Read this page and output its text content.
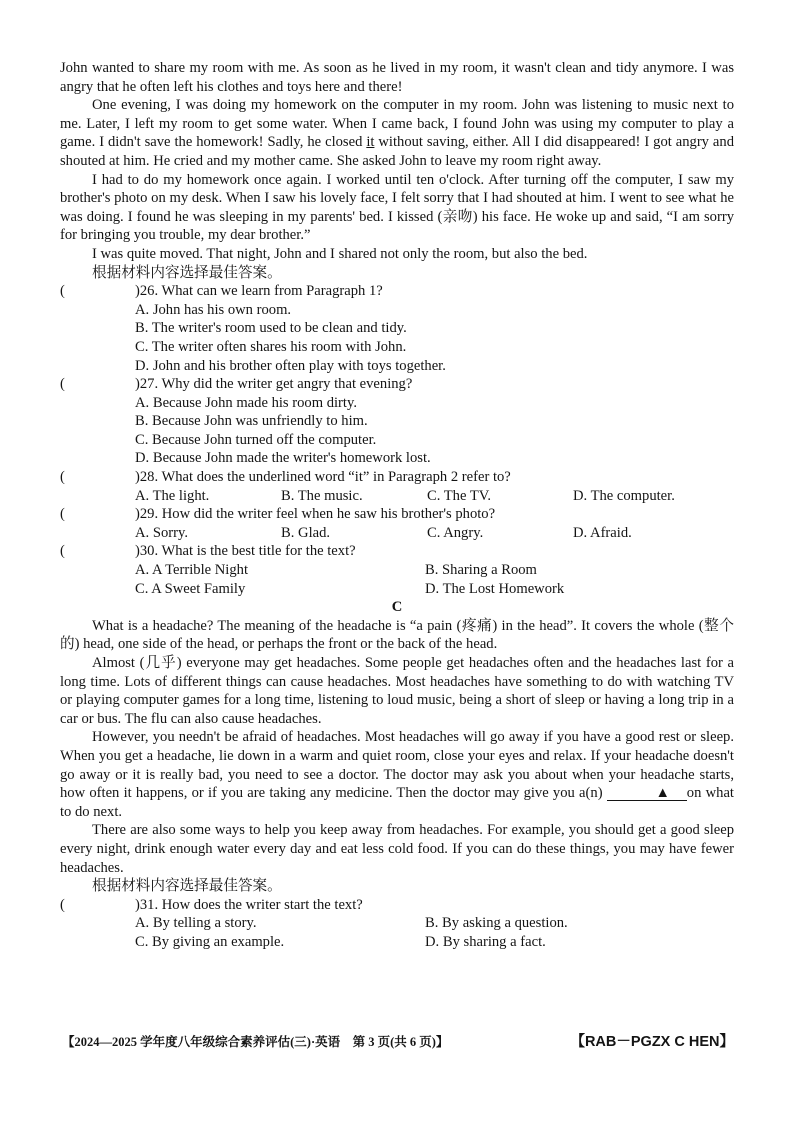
John wanted to share my room with me. As soon as he lived in my room, it wasn't clean and tidy anymore. I was angry that he often left his clothes and toys here and there!

One evening, I was doing my homework on the computer in my room. John was listening to music next to me. Later, I left my room to get some water. When I came back, I found John was using my computer to play a game. I didn't save the homework! Sadly, he closed it without saving, either. All I did disappeared! I got angry and shouted at him. He cried and my mother came. She asked John to leave my room right away.

I had to do my homework once again. I worked until ten o'clock. After turning off the computer, I saw my brother's photo on my desk. When I saw his lovely face, I felt sorry that I had shouted at him. I went to see what he was doing. I found he was sleeping in my parents' bed. I kissed (亲吻) his face. He woke up and said, “I am sorry for bringing you trouble, my dear brother.”

I was quite moved. That night, John and I shared not only the room, but also the bed.

根据材料内容选择最佳答案。
(	)26. What can we learn from Paragraph 1?
A. John has his own room.
B. The writer's room used to be clean and tidy.
C. The writer often shares his room with John.
D. John and his brother often play with toys together.
(	)27. Why did the writer get angry that evening?
A. Because John made his room dirty.
B. Because John was unfriendly to him.
C. Because John turned off the computer.
D. Because John made the writer's homework lost.
(	)28. What does the underlined word “it” in Paragraph 2 refer to?
A. The light.	B. The music.	C. The TV.	D. The computer.
(	)29. How did the writer feel when he saw his brother's photo?
A. Sorry.	B. Glad.	C. Angry.	D. Afraid.
(	)30. What is the best title for the text?
A. A Terrible Night	B. Sharing a Room
C. A Sweet Family	D. The Lost Homework
C

What is a headache? The meaning of the headache is “a pain (疼痛) in the head”. It covers the whole (整个的) head, one side of the head, or perhaps the front or the back of the head.

Almost (几乎) everyone may get headaches. Some people get headaches often and the headaches last for a long time. Lots of different things can cause headaches. Most headaches have something to do with watching TV or playing computer games for a long time, listening to loud music, being a short of sleep or having a long trip in a car or bus. The flu can also cause headaches.

However, you needn't be afraid of headaches. Most headaches will go away if you have a good rest or sleep. When you get a headache, lie down in a warm and quiet room, close your eyes and relax. If your headache doesn't go away or it is really bad, you need to see a doctor. The doctor may ask you about when your headache starts, how often it happens, or if you are taking any medicine. Then the doctor may give you a(n)	▲ on what to do next.

There are also some ways to help you keep away from headaches. For example, you should get a good sleep every night, drink enough water every day and eat less cold food. If you can do these things, you may have fewer headaches.

根据材料内容选择最佳答案。
(	)31. How does the writer start the text?
A. By telling a story.	B. By asking a question.
C. By giving an example.	D. By sharing a fact.
【2024—2025 学年度八年级综合素养评估(三)·英语　第 3 页(共 6 页)】	【RAB－PGZX C HEN】
